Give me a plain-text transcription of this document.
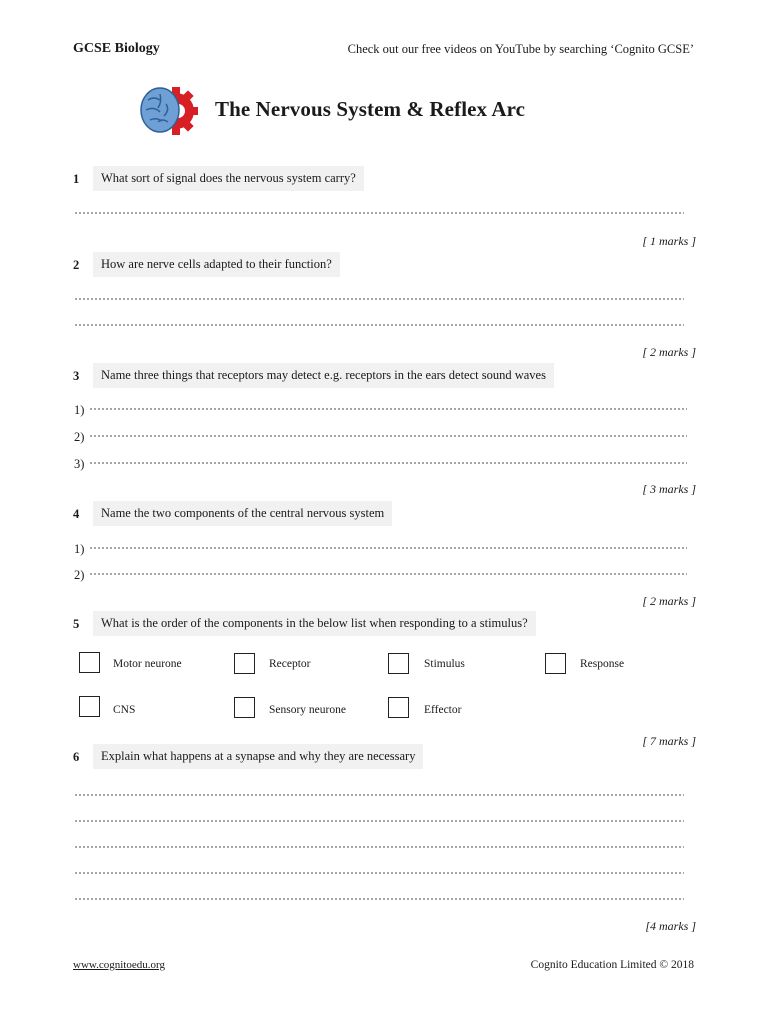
GCSE Biology	Check out our free videos on YouTube by searching ‘Cognito GCSE’
The Nervous System & Reflex Arc
1	What sort of signal does the nervous system carry?
[ 1 marks ]
2	How are nerve cells adapted to their function?
[ 2 marks ]
3	Name three things that receptors may detect e.g. receptors in the ears detect sound waves
1)
2)
3)
[ 3 marks ]
4	Name the two components of the central nervous system
1)
2)
[ 2 marks ]
5	What is the order of the components in the below list when responding to a stimulus?
Motor neurone	Receptor	Stimulus	Response
CNS	Sensory neurone	Effector
[ 7 marks ]
6	Explain what happens at a synapse and why they are necessary
[4 marks ]
www.cognitoedu.org	Cognito Education Limited © 2018
